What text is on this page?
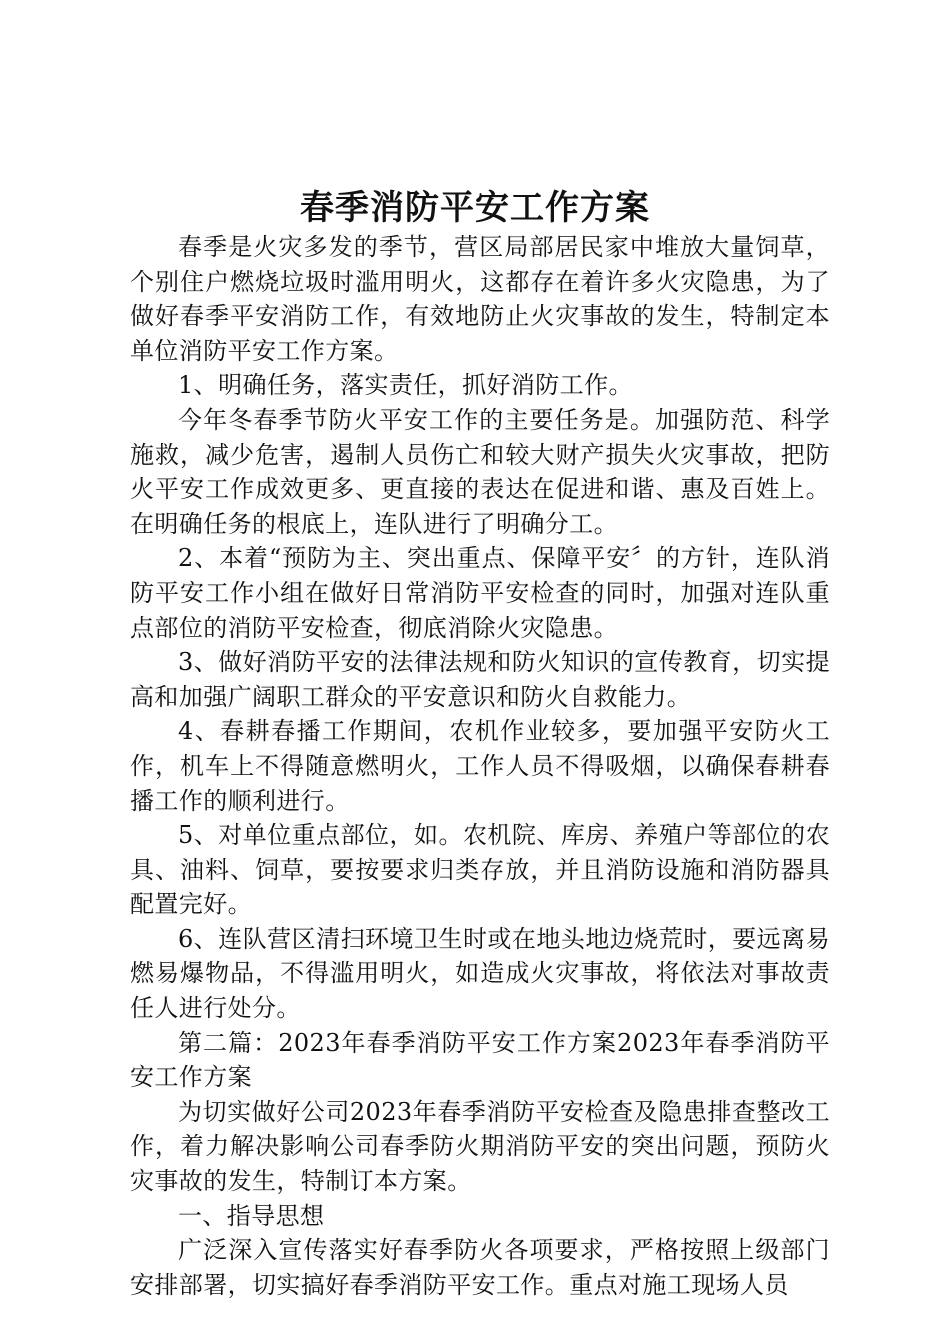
春季消防平安工作方案

春季是火灾多发的季节，营区局部居民家中堆放大量饲草，个别住户燃烧垃圾时滥用明火，这都存在着许多火灾隐患，为了做好春季平安消防工作，有效地防止火灾事故的发生，特制定本单位消防平安工作方案。

1、明确任务，落实责任，抓好消防工作。

今年冬春季节防火平安工作的主要任务是。加强防范、科学施救，减少危害，遏制人员伤亡和较大财产损失火灾事故，把防火平安工作成效更多、更直接的表达在促进和谐、惠及百姓上。在明确任务的根底上，连队进行了明确分工。

2、本着“预防为主、突出重点、保障平安〞的方针，连队消防平安工作小组在做好日常消防平安检查的同时，加强对连队重点部位的消防平安检查，彻底消除火灾隐患。

3、做好消防平安的法律法规和防火知识的宣传教育，切实提高和加强广阔职工群众的平安意识和防火自救能力。

4、春耕春播工作期间，农机作业较多，要加强平安防火工作，机车上不得随意燃明火，工作人员不得吸烟，以确保春耕春播工作的顺利进行。

5、对单位重点部位，如。农机院、库房、养殖户等部位的农具、油料、饲草，要按要求归类存放，并且消防设施和消防器具配置完好。

6、连队营区清扫环境卫生时或在地头地边烧荒时，要远离易燃易爆物品，不得滥用明火，如造成火灾事故，将依法对事故责任人进行处分。

第二篇：2023年春季消防平安工作方案2023年春季消防平安工作方案

为切实做好公司2023年春季消防平安检查及隐患排查整改工作，着力解决影响公司春季防火期消防平安的突出问题，预防火灾事故的发生，特制订本方案。

一、指导思想

广泛深入宣传落实好春季防火各项要求，严格按照上级部门安排部署，切实搞好春季消防平安工作。重点对施工现场人员
